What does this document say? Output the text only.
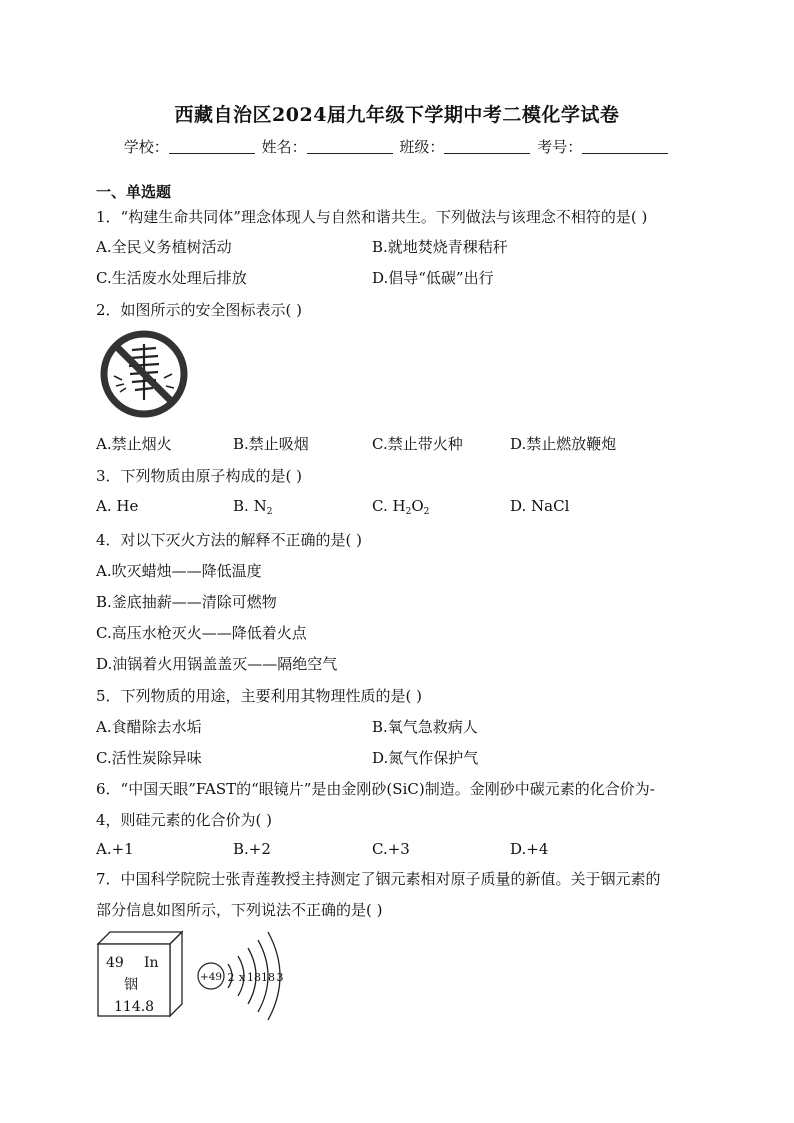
西藏自治区2024届九年级下学期中考二模化学试卷
学校：	姓名：	班级：	考号：
一、单选题
1．“构建生命共同体”理念体现人与自然和谐共生。下列做法与该理念不相符的是( )
A.全民义务植树活动	B.就地焚烧青稞秸秆
C.生活废水处理后排放	D.倡导“低碳”出行
2．如图所示的安全图标表示( )
A.禁止烟火	B.禁止吸烟	C.禁止带火种	D.禁止燃放鞭炮
3．下列物质由原子构成的是( )
A. He	B. $N_2$	C. $H_2O_2$	D. NaCl
4．对以下灭火方法的解释不正确的是( )
A.吹灭蜡烛——降低温度
B.釜底抽薪——清除可燃物
C.高压水枪灭火——降低着火点
D.油锅着火用锅盖盖灭——隔绝空气
5．下列物质的用途，主要利用其物理性质的是( )
A.食醋除去水垢	B.氧气急救病人
C.活性炭除异味	D.氮气作保护气
6．“中国天眼”FAST的“眼镜片”是由金刚砂(SiC)制造。金刚砂中碳元素的化合价为-
4，则硅元素的化合价为( )
A.+1	B.+2	C.+3	D.+4
7．中国科学院院士张青莲教授主持测定了铟元素相对原子质量的新值。关于铟元素的
部分信息如图所示，下列说法不正确的是( )
49 In
铟
114.8
+49 2 x 18 18 3
